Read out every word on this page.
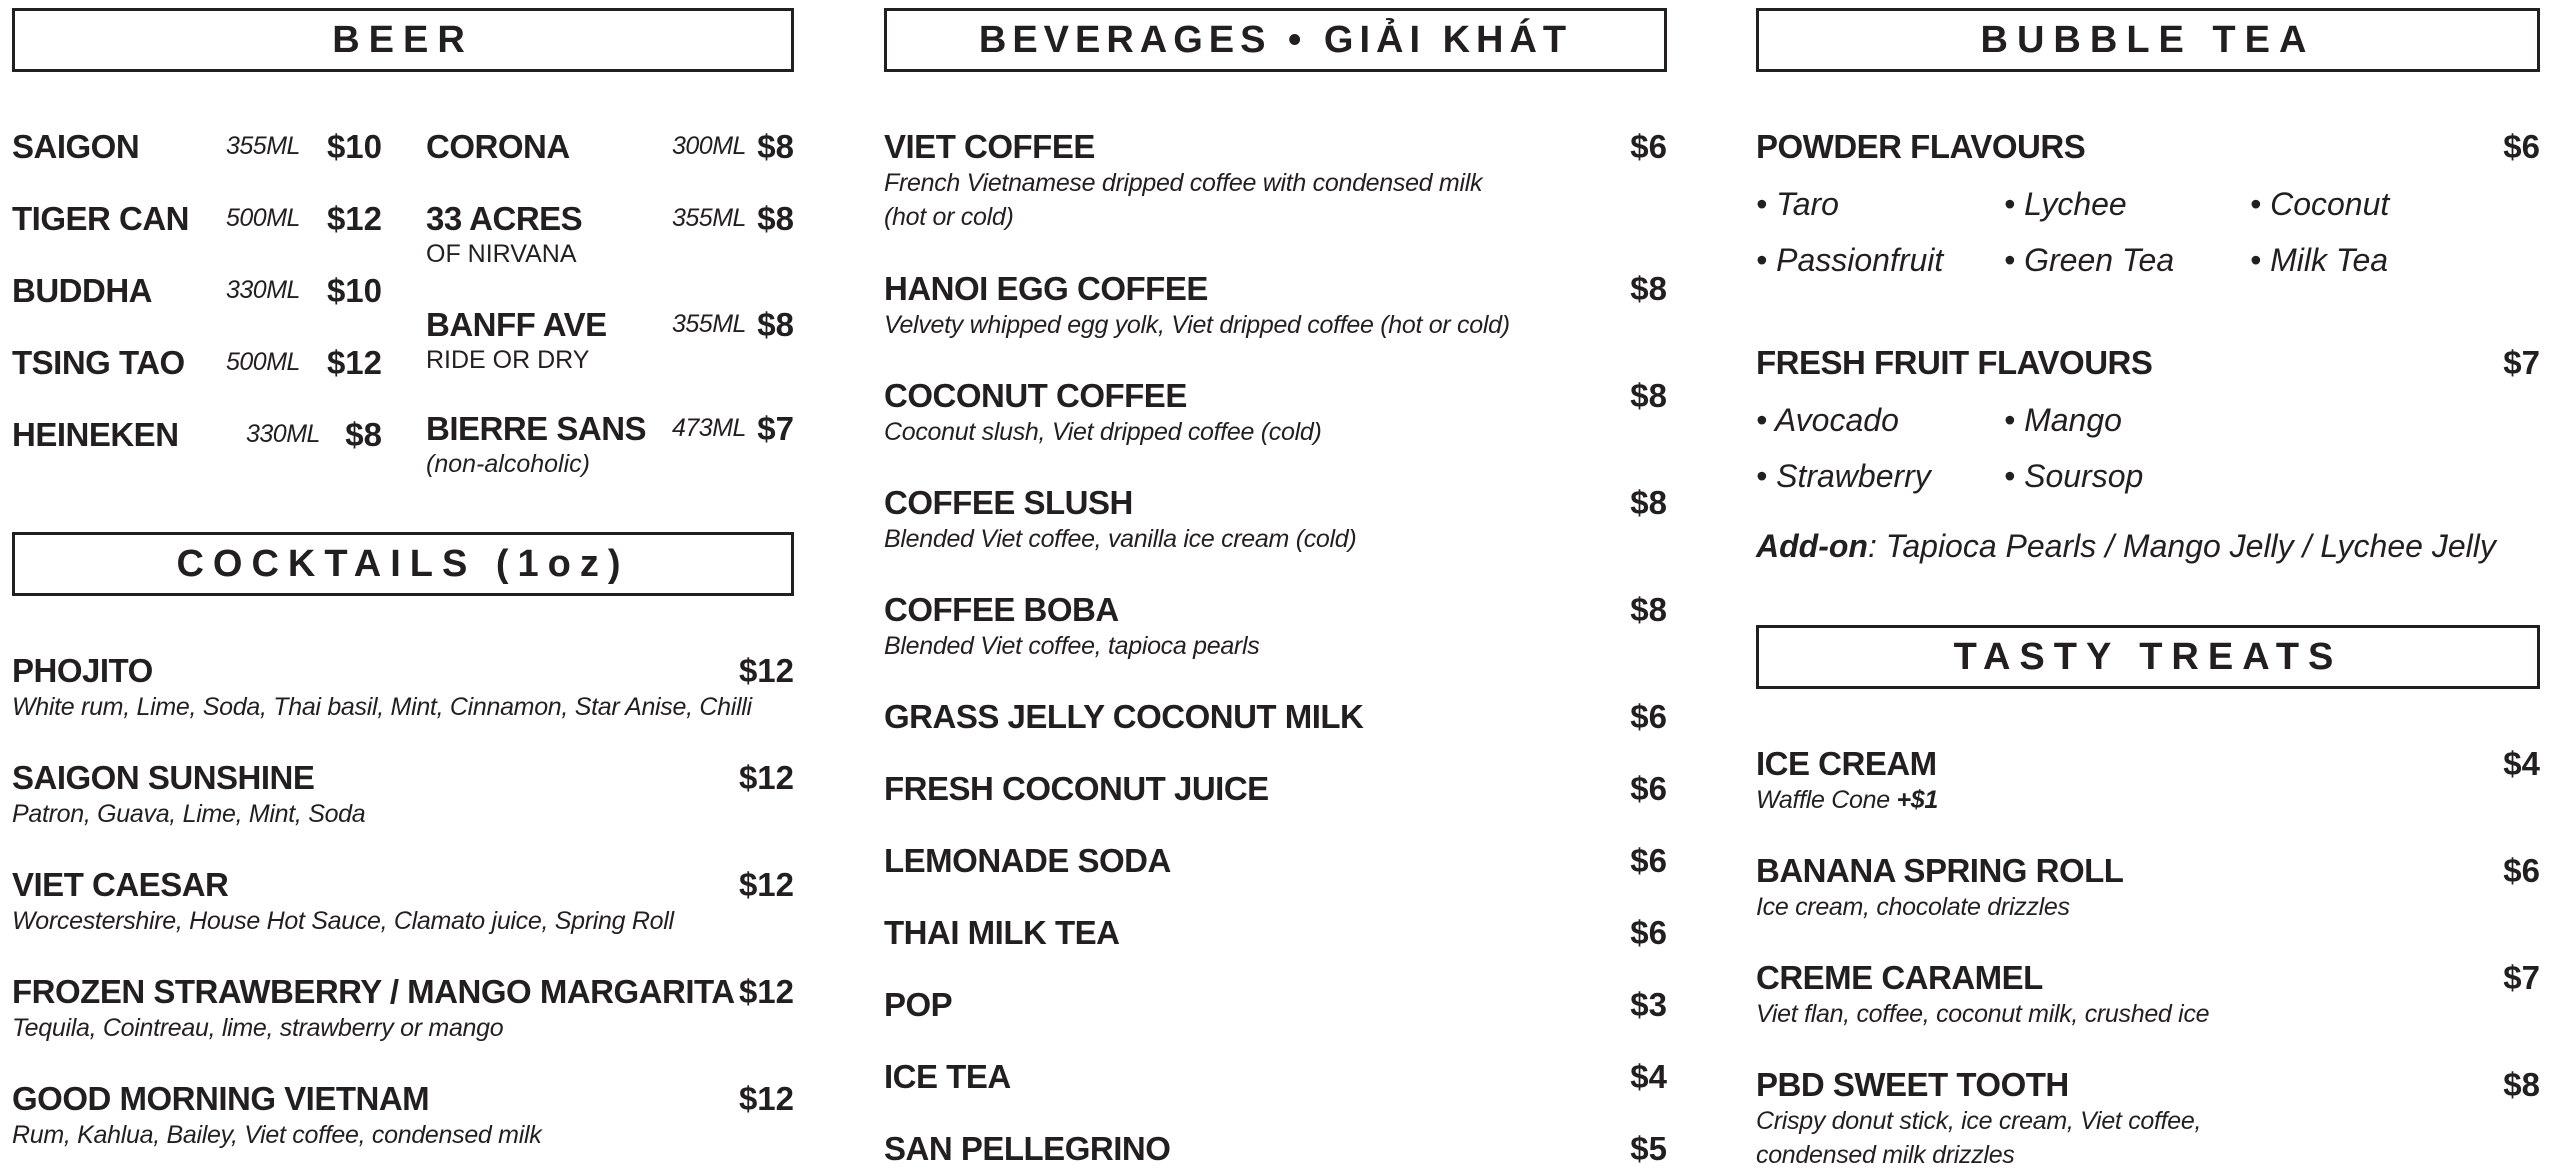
BEER
SAIGON	355ML $10
TIGER CAN 500ML $12
BUDDHA	330ML $10
TSING TAO 500ML $12
HEINEKEN	330ML $8
CORONA	300ML $8
33 ACRES
OF NIRVANA
355ML $8
BANFF AVE
RIDE OR DRY
355ML $8
BIERRE SANS
(non-alcoholic)
473ML $7
COCKTAILS (1oz)
PHOJITO	$12
White rum, Lime, Soda, Thai basil, Mint, Cinnamon, Star Anise, Chilli
SAIGON SUNSHINE	$12
Patron, Guava, Lime, Mint, Soda
VIET CAESAR	$12
Worcestershire, House Hot Sauce, Clamato juice, Spring Roll
FROZEN STRAWBERRY / MANGO MARGARITA $12
Tequila, Cointreau, lime, strawberry or mango
GOOD MORNING VIETNAM	$12
Rum, Kahlua, Bailey, Viet coffee, condensed milk
BEVERAGES • GIẢI KHÁT
VIET COFFEE	$6
French Vietnamese dripped coffee with condensed milk
(hot or cold)
HANOI EGG COFFEE	$8
Velvety whipped egg yolk, Viet dripped coffee (hot or cold)
COCONUT COFFEE	$8
Coconut slush, Viet dripped coffee (cold)
COFFEE SLUSH	$8
Blended Viet coffee, vanilla ice cream (cold)
COFFEE BOBA	$8
Blended Viet coffee, tapioca pearls
GRASS JELLY COCONUT MILK	$6
FRESH COCONUT JUICE	$6
LEMONADE SODA	$6
THAI MILK TEA	$6
POP	$3
ICE TEA	$4
SAN PELLEGRINO	$5
BUBBLE TEA
POWDER FLAVOURS	$6
• Taro	• Lychee	• Coconut
• Passionfruit • Green Tea • Milk Tea
FRESH FRUIT FLAVOURS	$7
• Avocado	• Mango
• Strawberry • Soursop
Add-on: Tapioca Pearls / Mango Jelly / Lychee Jelly
TASTY TREATS
ICE CREAM	$4
Waffle Cone +$1
BANANA SPRING ROLL	$6
Ice cream, chocolate drizzles
CREME CARAMEL	$7
Viet flan, coffee, coconut milk, crushed ice
PBD SWEET TOOTH	$8
Crispy donut stick, ice cream, Viet coffee,
condensed milk drizzles
